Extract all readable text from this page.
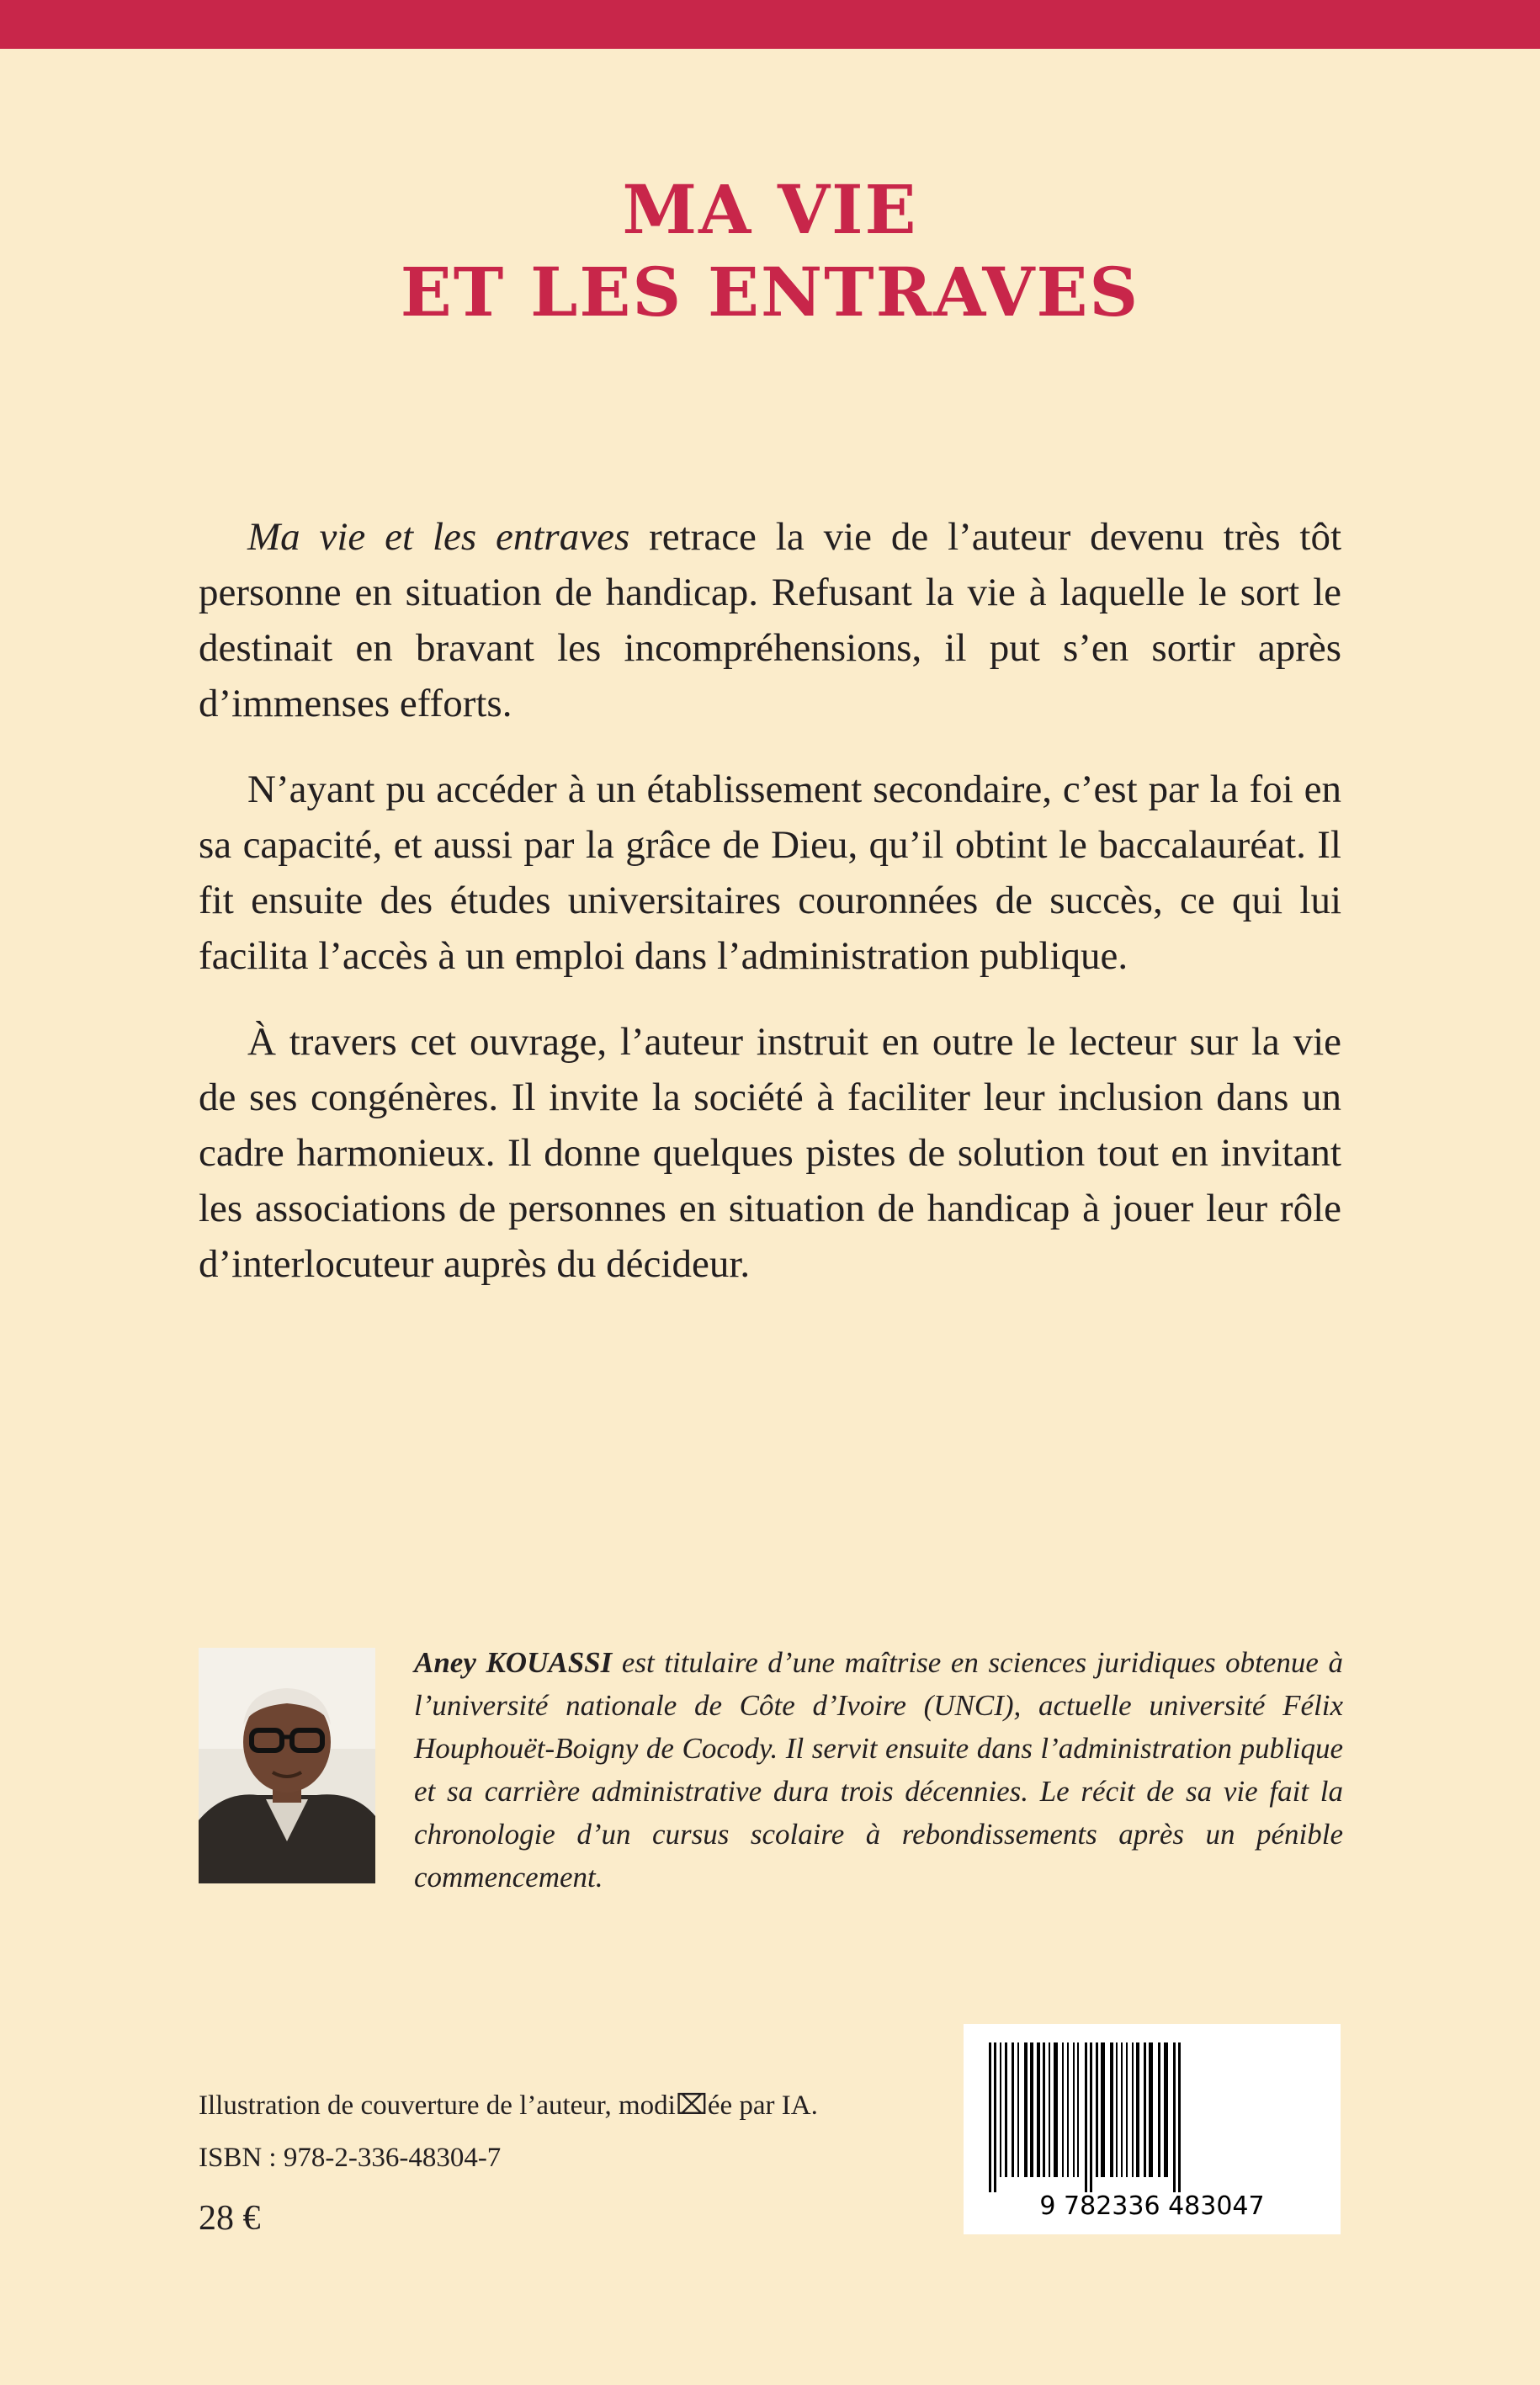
MA VIE
ET LES ENTRAVES

Ma vie et les entraves retrace la vie de l’auteur devenu très tôt personne en situation de handicap. Refusant la vie à laquelle le sort le destinait en bravant les incompréhensions, il put s’en sortir après d’immenses efforts.

N’ayant pu accéder à un établissement secondaire, c’est par la foi en sa capacité, et aussi par la grâce de Dieu, qu’il obtint le baccalauréat. Il fit ensuite des études universitaires couronnées de succès, ce qui lui facilita l’accès à un emploi dans l’administration publique.

À travers cet ouvrage, l’auteur instruit en outre le lecteur sur la vie de ses congénères. Il invite la société à faciliter leur inclusion dans un cadre harmonieux. Il donne quelques pistes de solution tout en invitant les associations de personnes en situation de handicap à jouer leur rôle d’interlocuteur auprès du décideur.

Aney KOUASSI est titulaire d’une maîtrise en sciences juridiques obtenue à l’université nationale de Côte d’Ivoire (UNCI), actuelle université Félix Houphouët-Boigny de Cocody. Il servit ensuite dans l’administration publique et sa carrière administrative dura trois décennies. Le récit de sa vie fait la chronologie d’un cursus scolaire à rebondissements après un pénible commencement.

Illustration de couverture de l’auteur, modi⌧ée par IA.
ISBN : 978-2-336-48304-7
28 €	9 782336 483047
